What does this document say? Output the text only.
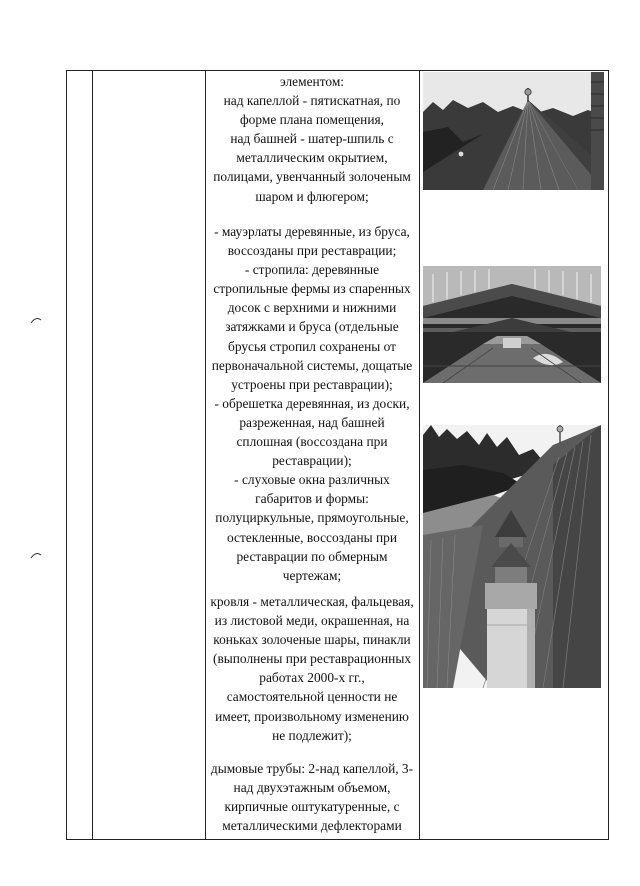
элементом:
над капеллой - пятискатная, по
форме плана помещения,
над башней - шатер-шпиль с
металлическим окрытием,
полицами, увенчанный золоченым
шаром и флюгером;
- мауэрлаты деревянные, из бруса,
воссозданы при реставрации;
- стропила: деревянные
стропильные фермы из спаренных
досок с верхними и нижними
затяжками и бруса (отдельные
брусья стропил сохранены от
первоначальной системы, дощатые
устроены при реставрации);
- обрешетка деревянная, из доски,
разреженная, над башней
сплошная (воссоздана при
реставрации);
- слуховые окна различных
габаритов и формы:
полуциркульные, прямоугольные,
остекленные, воссозданы при
реставрации по обмерным
чертежам;
кровля - металлическая, фальцевая,
из листовой меди, окрашенная, на
коньках золоченые шары, пинакли
(выполнены при реставрационных
работах 2000-х гг.,
самостоятельной ценности не
имеет, произвольному изменению
не подлежит);
дымовые трубы: 2-над капеллой, 3-
над двухэтажным объемом,
кирпичные оштукатуренные, с
металлическими дефлекторами
